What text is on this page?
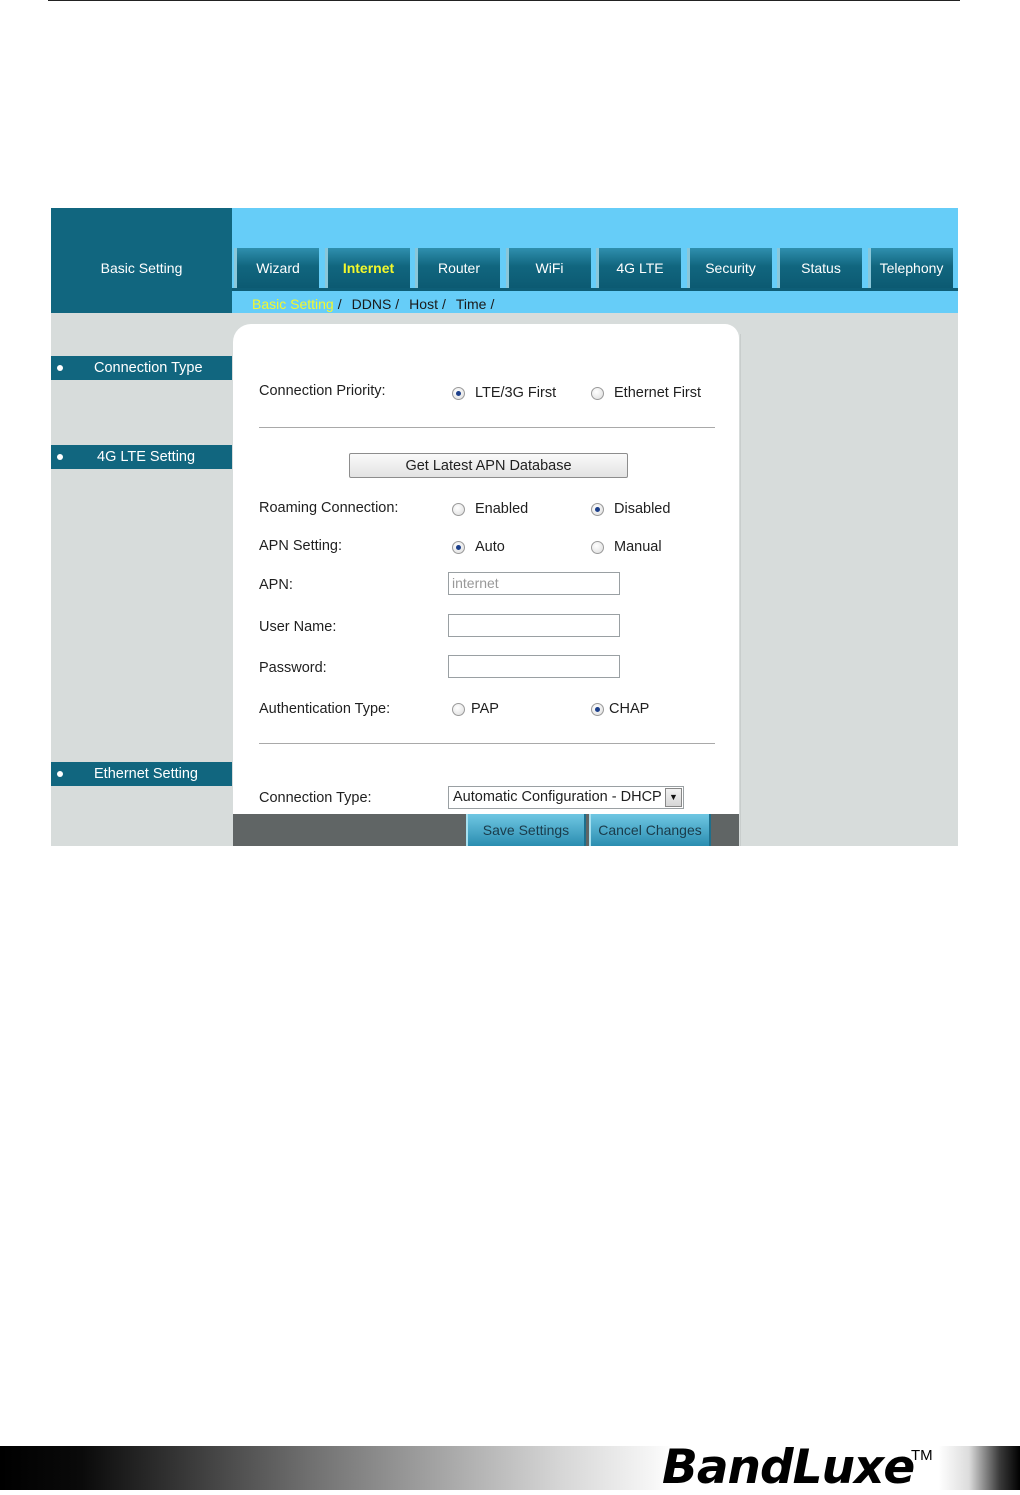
Basic Setting	Wizard	Internet	Router	WiFi	4G LTE	Security	Status	Telephony
Basic Setting / DDNS / Host / Time /
Connection Type
4G LTE Setting
Ethernet Setting
Connection Priority:	LTE/3G First	Ethernet First
Get Latest APN Database
Roaming Connection:	Enabled	Disabled
APN Setting:	Auto	Manual
APN:	internet
User Name:
Password:
Authentication Type:	PAP	CHAP
Connection Type:	Automatic Configuration - DHCP ▼
Save Settings	Cancel Changes
BandLuxe
TM
